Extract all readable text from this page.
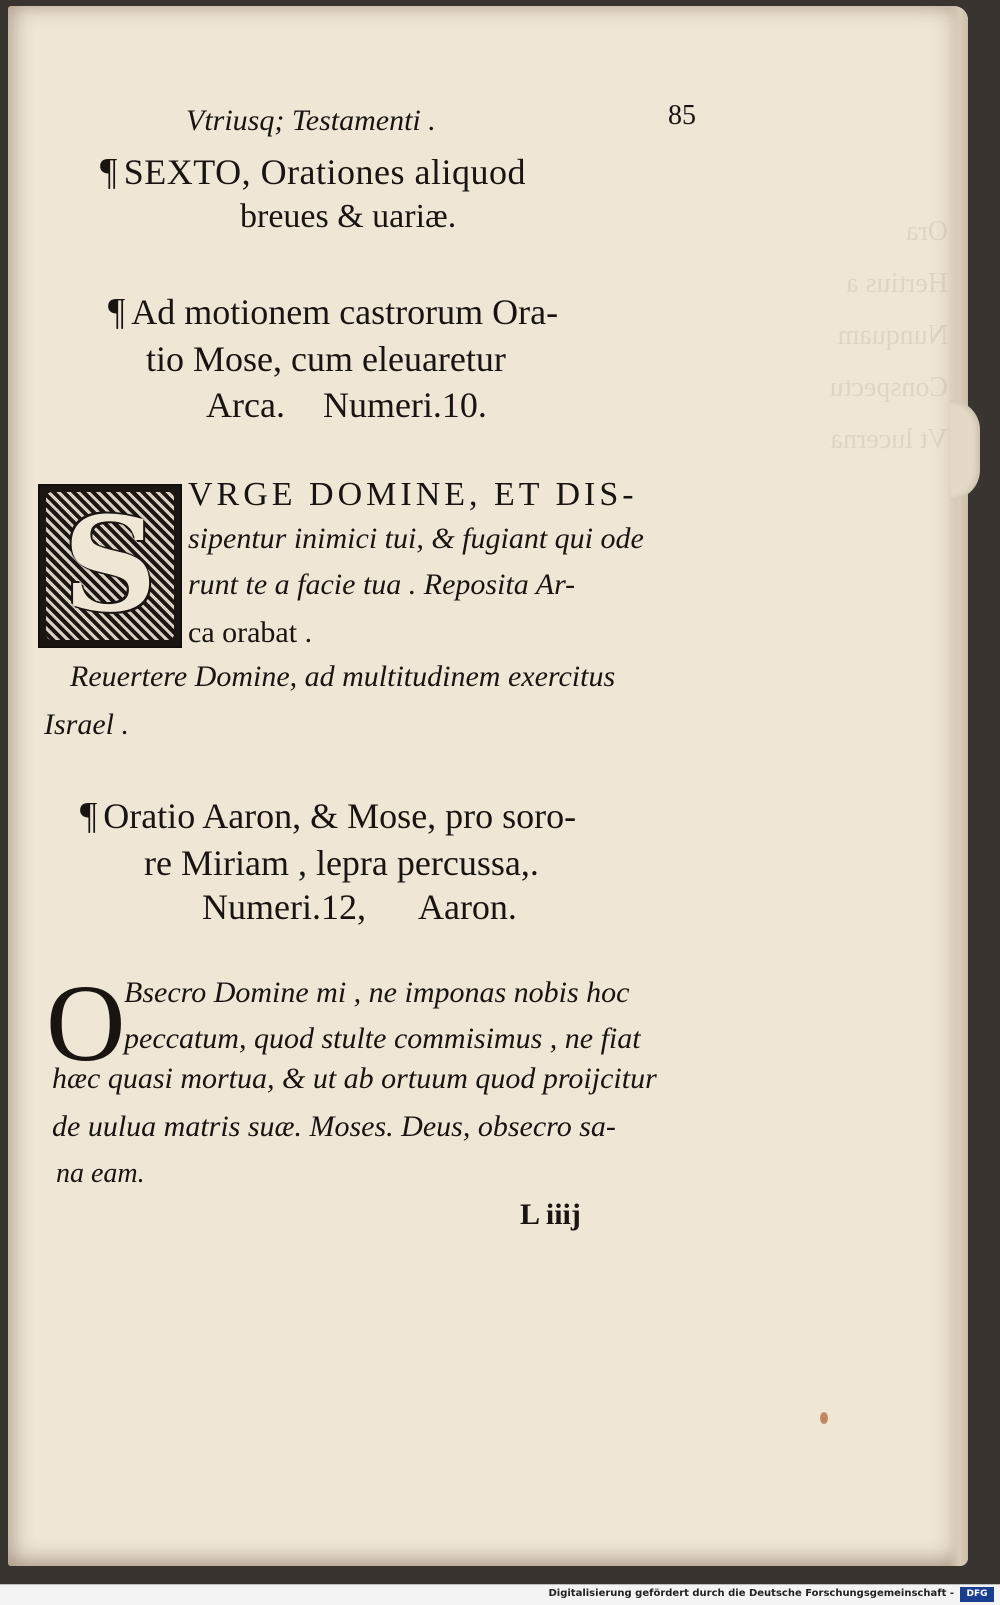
Ora
Hertius a
Nunquam
Conspectu
Vt lucerna
Vtriusq; Testamenti .	85
¶ SEXTO, Orationes aliquod
breues & uariæ.
¶ Ad motionem castrorum Ora-
tio Mose, cum eleuaretur
Arca. Numeri.10.
S VRGE DOMINE, ET DIS-
sipentur inimici tui, & fugiant qui ode
runt te a facie tua . Reposita Ar-
ca orabat .
Reuertere Domine, ad multitudinem exercitus
Israel .
¶ Oratio Aaron, & Mose, pro soro-
re Miriam , lepra percussa,.
Numeri.12, Aaron.
O
Bsecro Domine mi , ne imponas nobis hoc
peccatum, quod stulte commisimus , ne fiat
hæc quasi mortua, & ut ab ortuum quod proijcitur
de uulua matris suæ. Moses. Deus, obsecro sa-
na eam.
L iiij
Digitalisierung gefördert durch die Deutsche Forschungsgemeinschaft -	DFG
